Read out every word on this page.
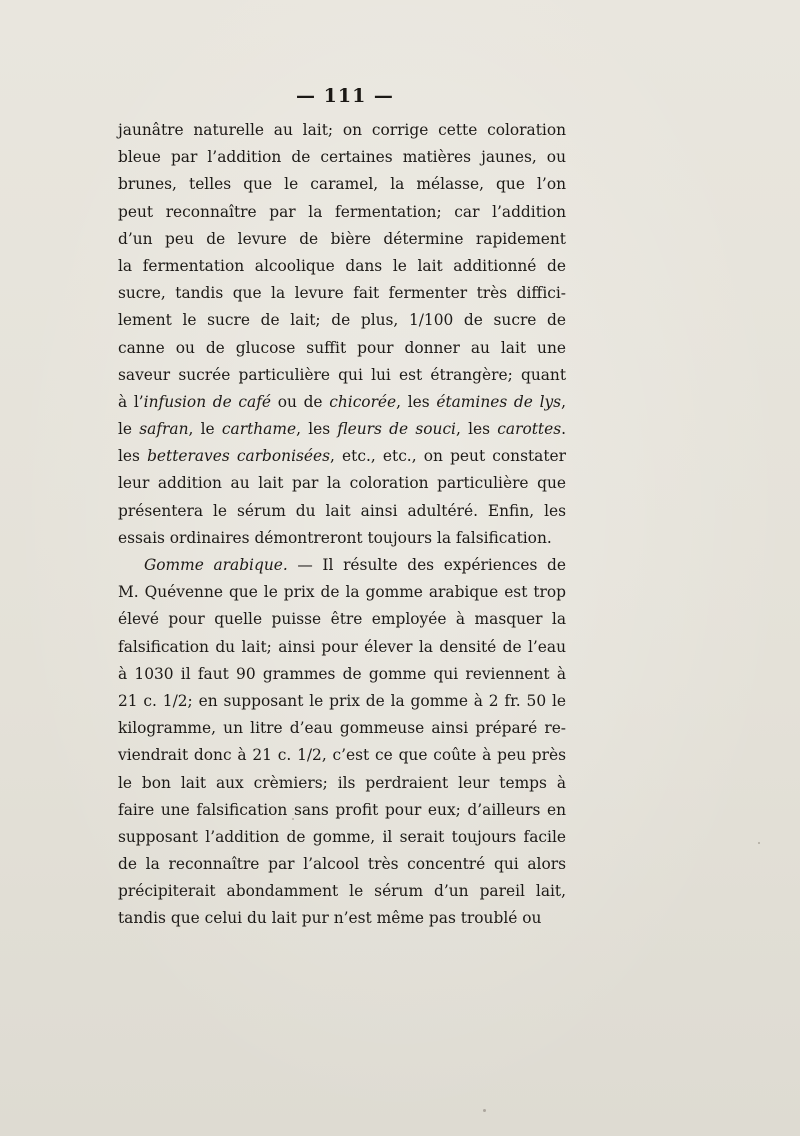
— 111 —
jaunâtre naturelle au lait; on corrige cette coloration
bleue par l’addition de certaines matières jaunes, ou
brunes, telles que le caramel, la mélasse, que l’on
peut reconnaître par la fermentation; car l’addition
d’un peu de levure de bière détermine rapidement
la fermentation alcoolique dans le lait additionné de
sucre, tandis que la levure fait fermenter très diffici-
lement le sucre de lait; de plus, 1/100 de sucre de
canne ou de glucose suffit pour donner au lait une
saveur sucrée particulière qui lui est étrangère; quant
à l’infusion de café ou de chicorée, les étamines de lys,
le safran, le carthame, les fleurs de souci, les carottes.
les betteraves carbonisées, etc., etc., on peut constater
leur addition au lait par la coloration particulière que
présentera le sérum du lait ainsi adultéré. Enfin, les
essais ordinaires démontreront toujours la falsification.
Gomme arabique. — Il résulte des expériences de
M. Quévenne que le prix de la gomme arabique est trop
élevé pour quelle puisse être employée à masquer la
falsification du lait; ainsi pour élever la densité de l’eau
à 1030 il faut 90 grammes de gomme qui reviennent à
21 c. 1/2; en supposant le prix de la gomme à 2 fr. 50 le
kilogramme, un litre d’eau gommeuse ainsi préparé re-
viendrait donc à 21 c. 1/2, c’est ce que coûte à peu près
le bon lait aux crèmiers; ils perdraient leur temps à
faire une falsification sans profit pour eux; d’ailleurs en
supposant l’addition de gomme, il serait toujours facile
de la reconnaître par l’alcool très concentré qui alors
précipiterait abondamment le sérum d’un pareil lait,
tandis que celui du lait pur n’est même pas troublé ou
